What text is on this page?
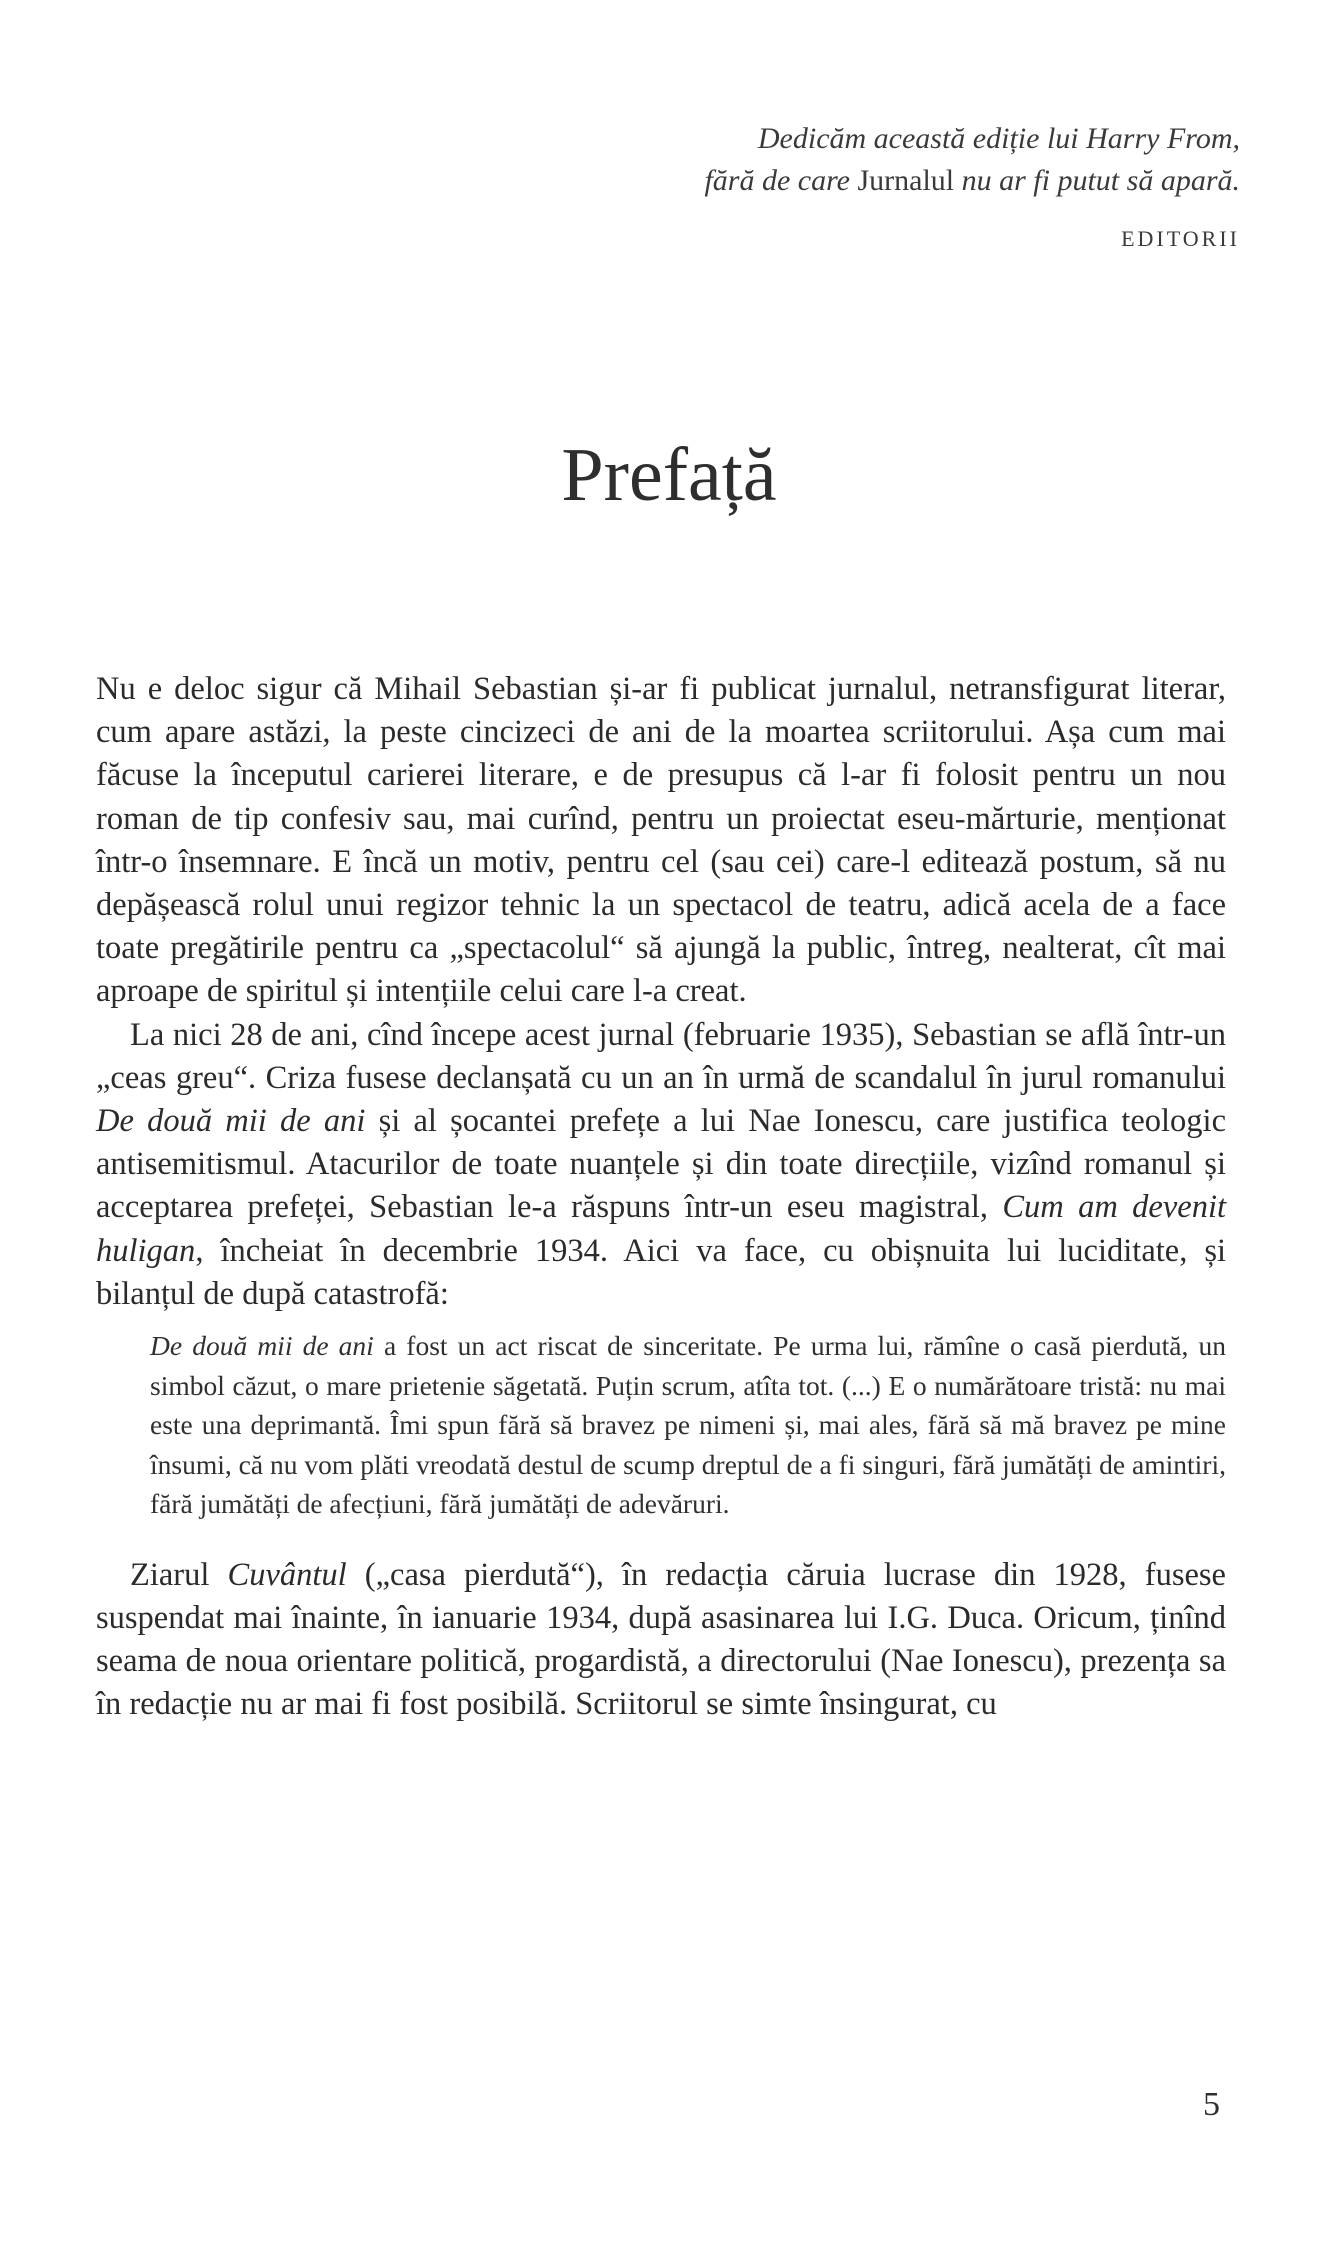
Dedicăm această ediție lui Harry From,
fără de care Jurnalul nu ar fi putut să apară.
EDITORII
Prefață

Nu e deloc sigur că Mihail Sebastian și-ar fi publicat jurnalul, netransfigurat literar, cum apare astăzi, la peste cincizeci de ani de la moartea scriitorului. Așa cum mai făcuse la începutul carierei literare, e de presupus că l-ar fi folosit pentru un nou roman de tip confesiv sau, mai curînd, pentru un proiectat eseu-mărturie, menționat într-o însemnare. E încă un motiv, pentru cel (sau cei) care-l editează postum, să nu depășească rolul unui regizor tehnic la un spectacol de teatru, adică acela de a face toate pregătirile pentru ca „spectacolul“ să ajungă la public, întreg, nealterat, cît mai aproape de spiritul și intențiile celui care l-a creat.

La nici 28 de ani, cînd începe acest jurnal (februarie 1935), Sebastian se află într-un „ceas greu“. Criza fusese declanșată cu un an în urmă de scandalul în jurul romanului De două mii de ani și al șocantei prefețe a lui Nae Ionescu, care justifica teologic antisemitismul. Atacurilor de toate nuanțele și din toate direcțiile, vizînd romanul și acceptarea prefeței, Sebastian le-a răspuns într-un eseu magistral, Cum am devenit huligan, încheiat în decembrie 1934. Aici va face, cu obișnuita lui luciditate, și bilanțul de după catastrofă:

De două mii de ani a fost un act riscat de sinceritate. Pe urma lui, rămîne o casă pierdută, un simbol căzut, o mare prietenie săgetată. Puțin scrum, atîta tot. (...) E o numărătoare tristă: nu mai este una deprimantă. Îmi spun fără să bravez pe nimeni și, mai ales, fără să mă bravez pe mine însumi, că nu vom plăti vreodată destul de scump dreptul de a fi singuri, fără jumătăți de amintiri, fără jumătăți de afecțiuni, fără jumătăți de adevăruri.

Ziarul Cuvântul („casa pierdută“), în redacția căruia lucrase din 1928, fusese suspendat mai înainte, în ianuarie 1934, după asasinarea lui I.G. Duca. Oricum, ținînd seama de noua orientare politică, progardistă, a directorului (Nae Ionescu), prezența sa în redacție nu ar mai fi fost posibilă. Scriitorul se simte însingurat, cu

5
